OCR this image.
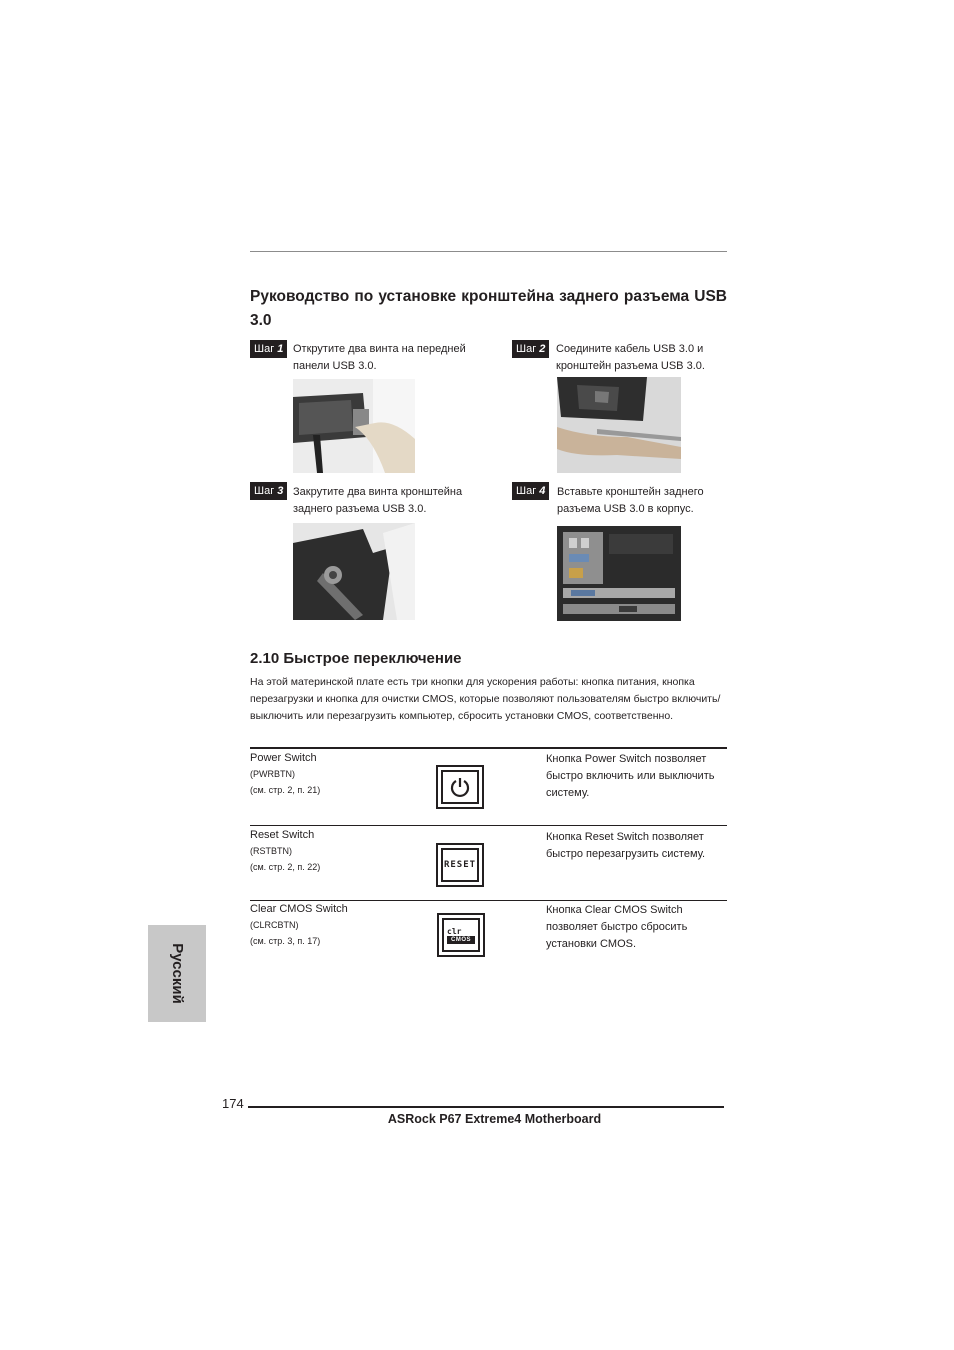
Руководство по установке кронштейна заднего разъема USB 3.0
Шаг 1 Открутите два винта на передней панели USB 3.0.
Шаг 2 Соедините кабель USB 3.0 и кронштейн разъема USB 3.0.
Шаг 3 Закрутите два винта кронштейна заднего разъема USB 3.0.
Шаг 4	Вставьте кронштейн заднего разъема USB 3.0 в корпус.
2.10 Быстрое переключение
На этой материнской плате есть три кнопки для ускорения работы: кнопка питания, кнопка перезагрузки и кнопка для очистки CMOS, которые позволяют пользователям быстро включить/выключить или перезагрузить компьютер, сбросить установки CMOS, соответственно.
Power Switch
(PWRBTN)
(см. стр. 2, п. 21)
Кнопка Power Switch позволяет быстро включить или выключить систему.
Reset Switch
(RSTBTN)
(см. стр. 2, п. 22)	RESET
Кнопка Reset Switch позволяет быстро перезагрузить систему.
Clear CMOS Switch
(CLRCBTN)
(см. стр. 3, п. 17)
clr
CMOS
Кнопка Clear CMOS Switch позволяет быстро сбросить установки CMOS.
Русский
174
ASRock P67 Extreme4 Motherboard
